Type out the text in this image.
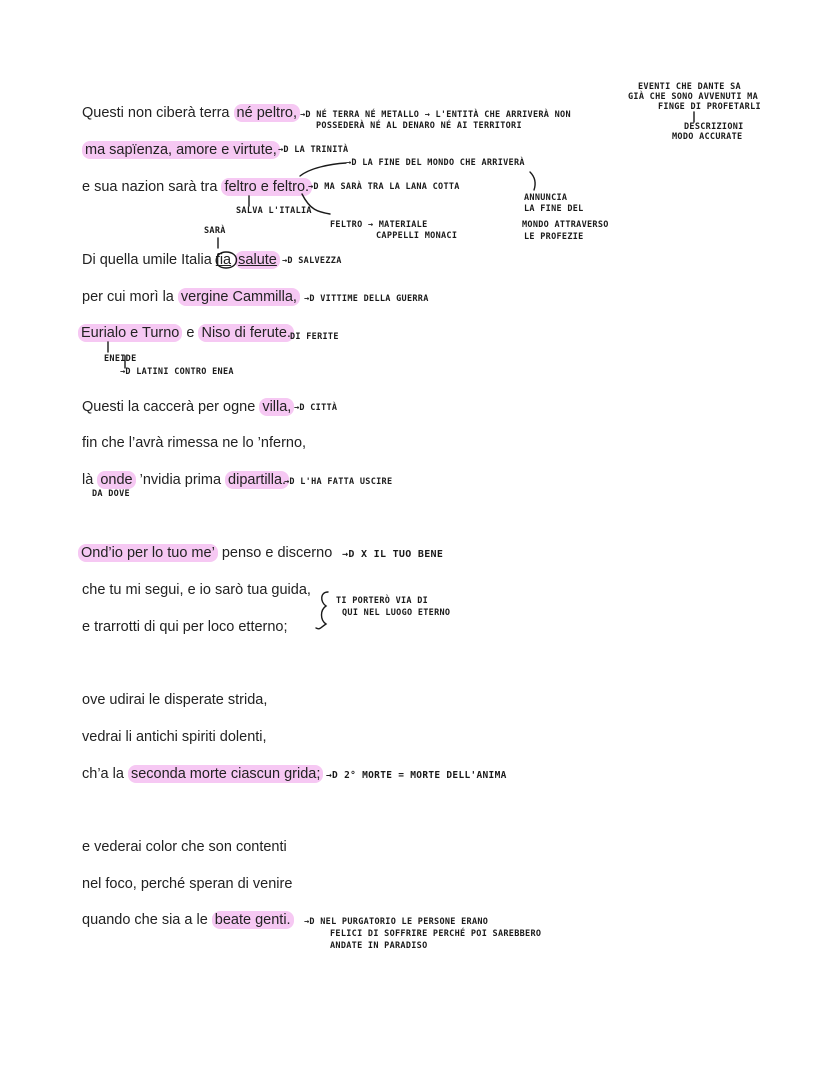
Questi non ciberà terra né peltro,
ma sapïenza, amore e virtute,
e sua nazion sarà tra feltro e feltro.
Di quella umile Italia fia salute
per cui morì la vergine Cammilla,
Eurialo e Turno e Niso di ferute.
Questi la caccerà per ogne villa,
fin che l’avrà rimessa ne lo ’nferno,
là onde ’nvidia prima dipartilla.
Ond’io per lo tuo me’ penso e discerno
che tu mi segui, e io sarò tua guida,
e trarrotti di qui per loco etterno;
ove udirai le disperate strida,
vedrai li antichi spiriti dolenti,
ch’a la seconda morte ciascun grida;
e vederai color che son contenti
nel foco, perché speran di venire
quando che sia a le beate genti.
EVENTI CHE DANTE SA
GIÀ CHE SONO AVVENUTI MA
FINGE DI PROFETARLI
DESCRIZIONI
MODO ACCURATE
→D NÉ TERRA NÉ METALLO → L'ENTITÀ CHE ARRIVERÀ NON
POSSEDERÀ NÉ AL DENARO NÉ AI TERRITORI
→D LA TRINITÀ
→D LA FINE DEL MONDO CHE ARRIVERÀ
→D MA SARÀ TRA LA LANA COTTA
ANNUNCIA
LA FINE DEL
MONDO ATTRAVERSO
LE PROFEZIE
SALVA L'ITALIA
FELTRO → MATERIALE
CAPPELLI MONACI
SARÀ
→D SALVEZZA
→D VITTIME DELLA GUERRA
DI FERITE
ENEIDE
→D LATINI CONTRO ENEA
→D CITTÀ
→D L'HA FATTA USCIRE
DA DOVE
→D X IL TUO BENE
TI PORTERÒ VIA DI
QUI NEL LUOGO ETERNO
→D 2° MORTE = MORTE DELL'ANIMA
→D NEL PURGATORIO LE PERSONE ERANO
FELICI DI SOFFRIRE PERCHÉ POI SAREBBERO
ANDATE IN PARADISO
